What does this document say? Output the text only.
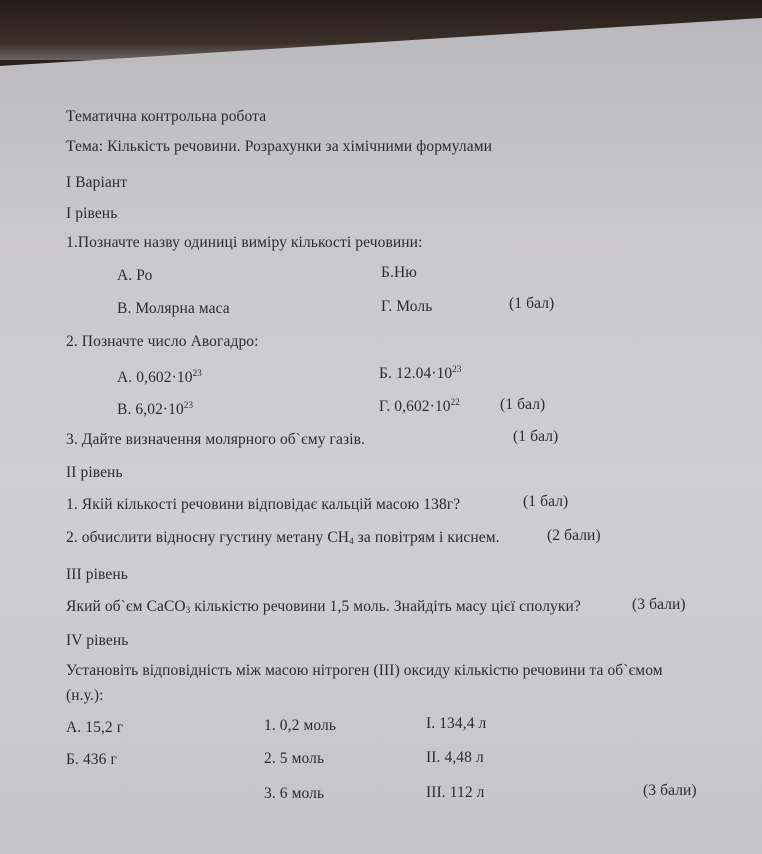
Тематична контрольна робота
Тема: Кількість речовини. Розрахунки за хімічними формулами
І Варіант
І рівень
1.Позначте назву одиниці виміру кількості речовини:
А. Ро	Б.Ню
В. Молярна маса	Г. Моль	(1 бал)
2. Позначте число Авогадро:
А. $0,602\cdot 10^{23}$	Б. $12.04\cdot 10^{23}$
В. $6,02\cdot 10^{23}$	Г. $0,602\cdot 10^{22}$	(1 бал)
3. Дайте визначення молярного об`єму газів.	(1 бал)
ІІ рівень
1. Якій кількості речовини відповідає кальцій масою 138г?	(1 бал)
2. обчислити відносну густину метану $СН_4$ за повітрям і киснем.	(2 бали)
ІІІ рівень
Який об`єм CaCO$_3$ кількістю речовини 1,5 моль. Знайдіть масу цієї сполуки?	(3 бали)
ІV рівень
Установіть відповідність між масою нітроген (ІІІ) оксиду кількістю речовини та об`ємом
(н.у.):
А. 15,2 г	1. 0,2 моль	І. 134,4 л
Б. 436 г	2. 5 моль	ІІ. 4,48 л
3. 6 моль	ІІІ. 112 л	(3 бали)
